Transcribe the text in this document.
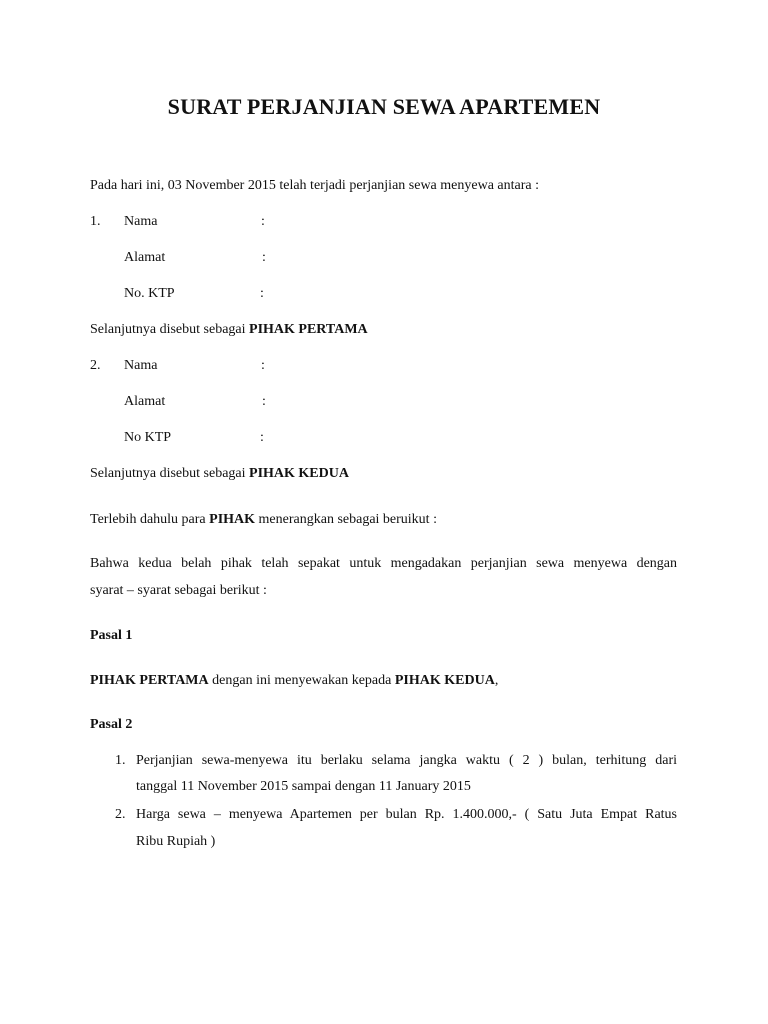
SURAT PERJANJIAN SEWA APARTEMEN
Pada hari ini, 03 November 2015 telah terjadi perjanjian sewa menyewa antara :
1. Nama	:
Alamat	:
No. KTP	:
Selanjutnya disebut sebagai PIHAK PERTAMA
2. Nama	:
Alamat	:
No KTP	:
Selanjutnya disebut sebagai PIHAK KEDUA
Terlebih dahulu para PIHAK menerangkan sebagai beruikut :
Bahwa kedua belah pihak telah sepakat untuk mengadakan perjanjian sewa menyewa dengan
syarat – syarat sebagai berikut :
Pasal 1
PIHAK PERTAMA dengan ini menyewakan kepada PIHAK KEDUA,
Pasal 2
1. Perjanjian sewa-menyewa itu berlaku selama jangka waktu ( 2 ) bulan, terhitung dari
tanggal 11 November 2015 sampai dengan 11 January 2015
2. Harga sewa – menyewa Apartemen per bulan Rp. 1.400.000,- ( Satu Juta Empat Ratus
Ribu Rupiah )
